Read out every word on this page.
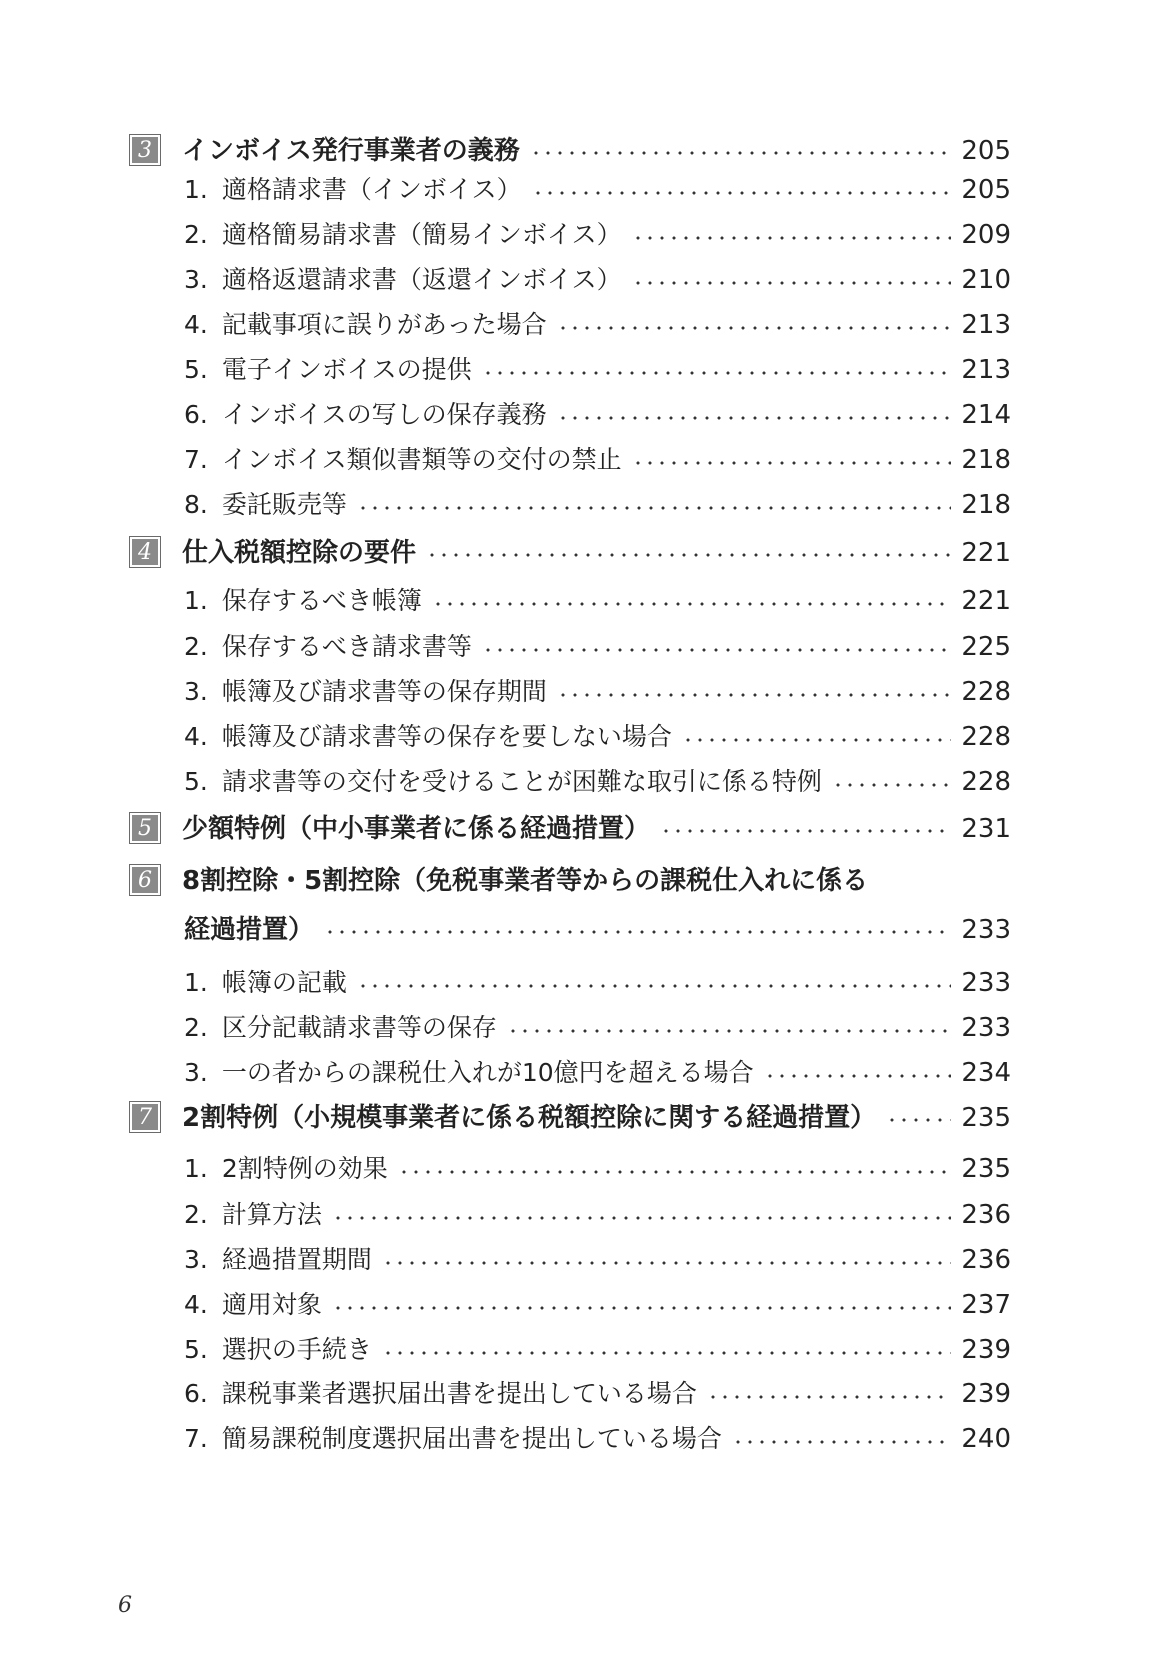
3	インボイス発行事業者の義務	205
1. 適格請求書（インボイス）	205
2. 適格簡易請求書（簡易インボイス）	209
3. 適格返還請求書（返還インボイス）	210
4. 記載事項に誤りがあった場合	213
5. 電子インボイスの提供	213
6. インボイスの写しの保存義務	214
7. インボイス類似書類等の交付の禁止	218
8. 委託販売等	218
4	仕入税額控除の要件	221
1. 保存するべき帳簿	221
2. 保存するべき請求書等	225
3. 帳簿及び請求書等の保存期間	228
4. 帳簿及び請求書等の保存を要しない場合	228
5. 請求書等の交付を受けることが困難な取引に係る特例	228
5	少額特例（中小事業者に係る経過措置）	231
6	8割控除・5割控除（免税事業者等からの課税仕入れに係る
経過措置）	233
1. 帳簿の記載	233
2. 区分記載請求書等の保存	233
3. 一の者からの課税仕入れが10億円を超える場合	234
7	2割特例（小規模事業者に係る税額控除に関する経過措置）	235
1. 2割特例の効果	235
2. 計算方法	236
3. 経過措置期間	236
4. 適用対象	237
5. 選択の手続き	239
6. 課税事業者選択届出書を提出している場合	239
7. 簡易課税制度選択届出書を提出している場合	240
6
